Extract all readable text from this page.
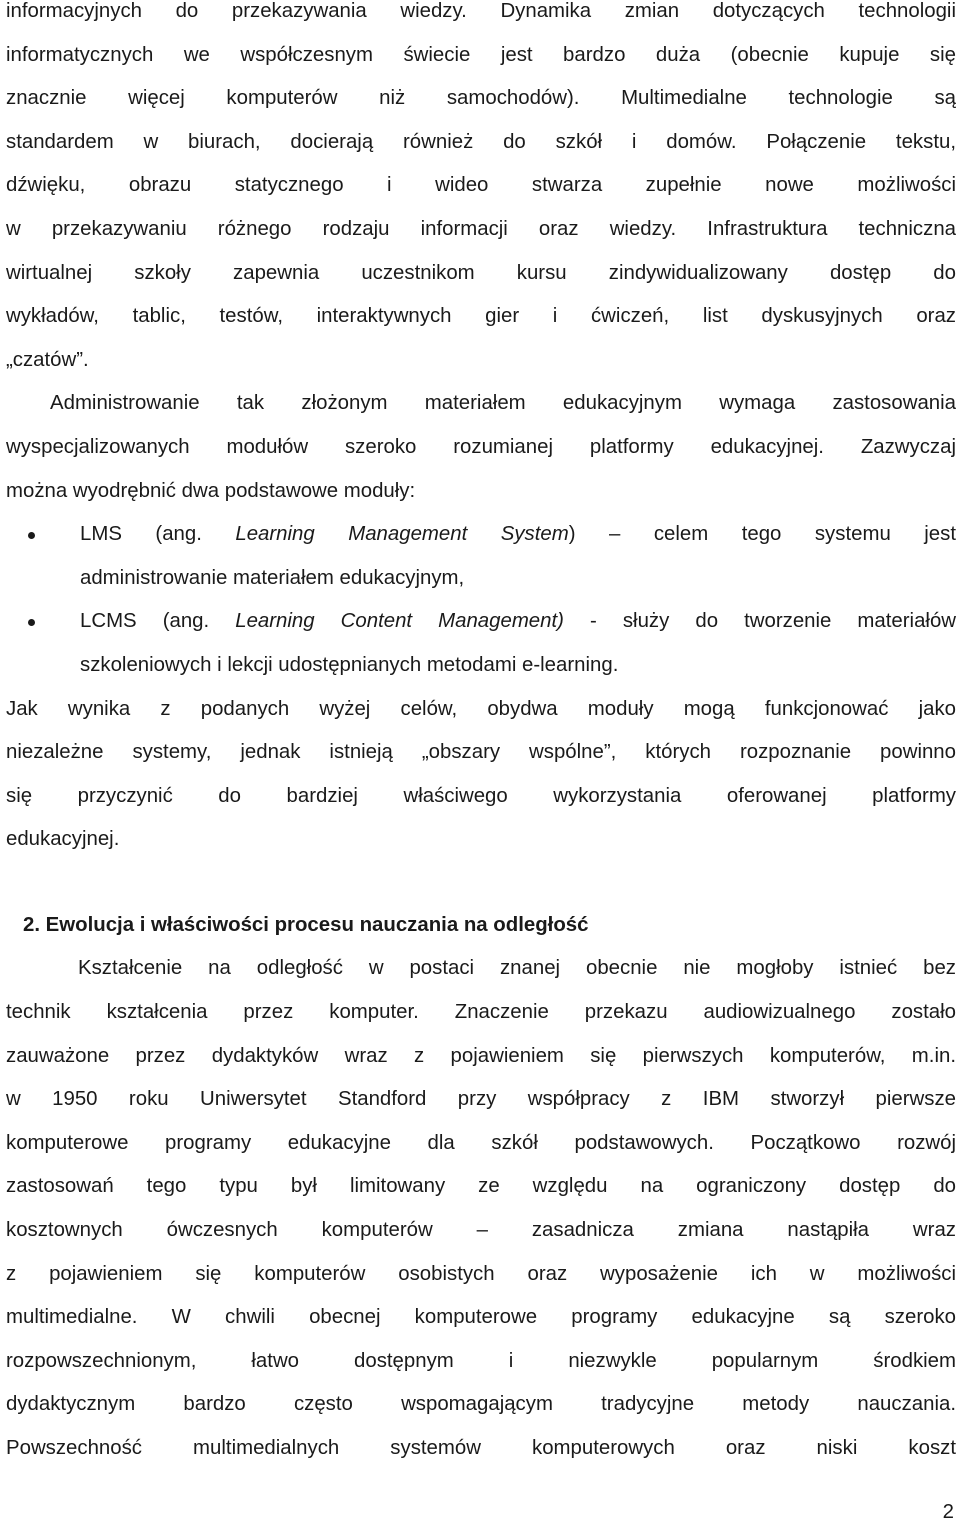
informacyjnych do przekazywania wiedzy. Dynamika zmian dotyczących technologii
informatycznych we współczesnym świecie jest bardzo duża (obecnie kupuje się
znacznie więcej komputerów niż samochodów). Multimedialne technologie są
standardem w biurach, docierają również do szkół i domów. Połączenie tekstu,
dźwięku, obrazu statycznego i wideo stwarza zupełnie nowe możliwości
w przekazywaniu różnego rodzaju informacji oraz wiedzy. Infrastruktura techniczna
wirtualnej szkoły zapewnia uczestnikom kursu zindywidualizowany dostęp do
wykładów, tablic, testów, interaktywnych gier i ćwiczeń, list dyskusyjnych oraz
„czatów”.

Administrowanie tak złożonym materiałem edukacyjnym wymaga zastosowania
wyspecjalizowanych modułów szeroko rozumianej platformy edukacyjnej. Zazwyczaj
można wyodrębnić dwa podstawowe moduły:

LMS (ang. Learning Management System) – celem tego systemu jest
administrowanie materiałem edukacyjnym,
LCMS (ang. Learning Content Management) - służy do tworzenie materiałów
szkoleniowych i lekcji udostępnianych metodami e-learning.

Jak wynika z podanych wyżej celów, obydwa moduły mogą funkcjonować jako
niezależne systemy, jednak istnieją „obszary wspólne”, których rozpoznanie powinno
się przyczynić do bardziej właściwego wykorzystania oferowanej platformy
edukacyjnej.

2. Ewolucja i właściwości procesu nauczania na odległość

Kształcenie na odległość w postaci znanej obecnie nie mogłoby istnieć bez
technik kształcenia przez komputer. Znaczenie przekazu audiowizualnego zostało
zauważone przez dydaktyków wraz z pojawieniem się pierwszych komputerów, m.in.
w 1950 roku Uniwersytet Standford przy współpracy z IBM stworzył pierwsze
komputerowe programy edukacyjne dla szkół podstawowych. Początkowo rozwój
zastosowań tego typu był limitowany ze względu na ograniczony dostęp do
kosztownych ówczesnych komputerów – zasadnicza zmiana nastąpiła wraz
z pojawieniem się komputerów osobistych oraz wyposażenie ich w możliwości
multimedialne. W chwili obecnej komputerowe programy edukacyjne są szeroko
rozpowszechnionym, łatwo dostępnym i niezwykle popularnym środkiem
dydaktycznym bardzo często wspomagającym tradycyjne metody nauczania.
Powszechność multimedialnych systemów komputerowych oraz niski koszt

2
